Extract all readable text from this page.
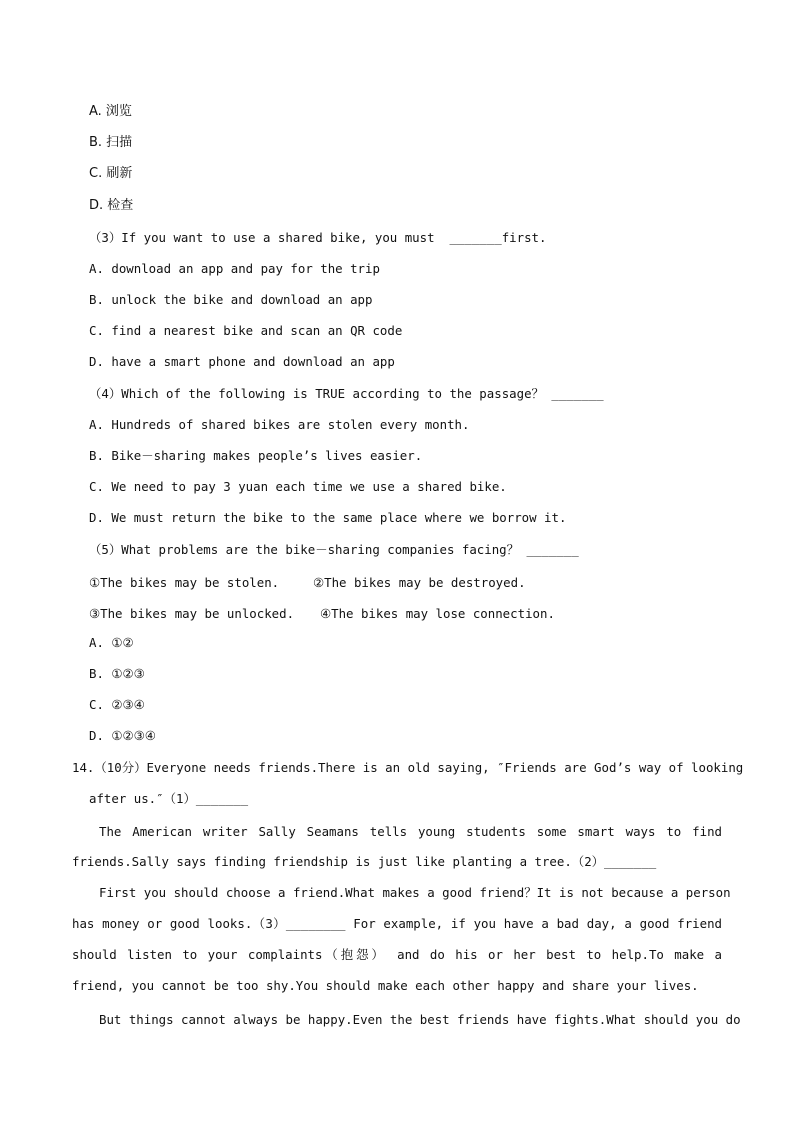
A. 浏览
B. 扫描
C. 刷新
D. 检查
（3）If you want to use a shared bike, you must  _______first.
A. download an app and pay for the trip
B. unlock the bike and download an app
C. find a nearest bike and scan an QR code
D. have a smart phone and download an app
（4）Which of the following is TRUE according to the passage？ _______
A. Hundreds of shared bikes are stolen every month.
B. Bike－sharing makes people’s lives easier.
C. We need to pay 3 yuan each time we use a shared bike.
D. We must return the bike to the same place where we borrow it.
（5）What problems are the bike－sharing companies facing？ _______
①The bikes may be stolen.	②The bikes may be destroyed.
③The bikes may be unlocked. ④The bikes may lose connection.
A. ①②
B. ①②③
C. ②③④
D. ①②③④
14.（10分）Everyone needs friends.There is an old saying, ″Friends are God’s way of looking
after us.″（1）_______
The American writer Sally Seamans tells young students some smart ways to find
friends.Sally says finding friendship is just like planting a tree.（2）_______
First you should choose a friend.What makes a good friend？It is not because a person
has money or good looks.（3）________ For example, if you have a bad day, a good friend
should listen to your complaints（抱怨） and do his or her best to help.To make a
friend, you cannot be too shy.You should make each other happy and share your lives.
But things cannot always be happy.Even the best friends have fights.What should you do
